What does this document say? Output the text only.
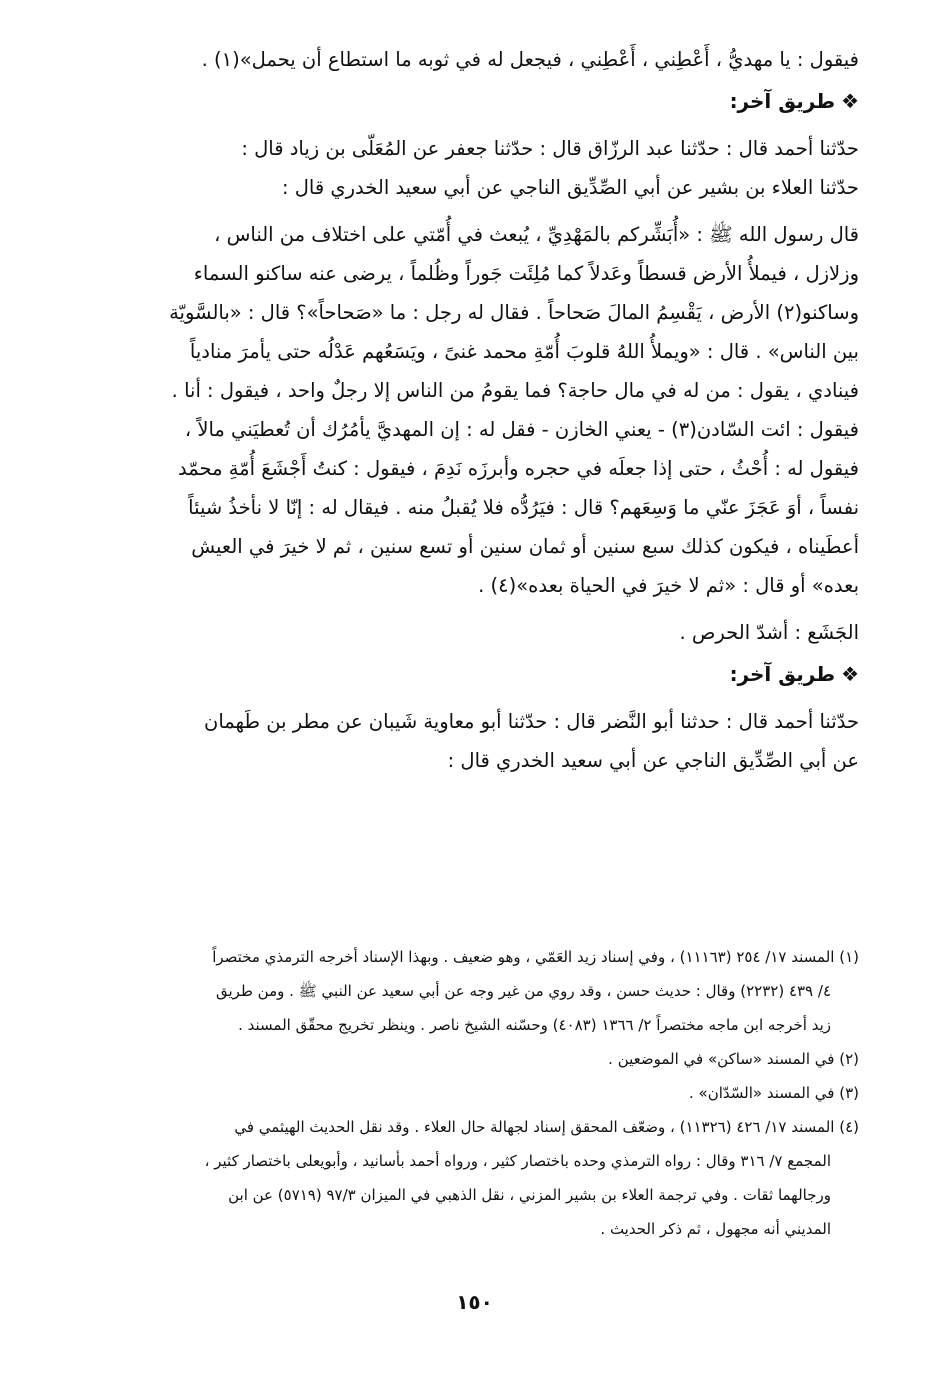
فيقول : يا مهديُّ ، أَعْطِني ، أَعْطِني ، فيجعل له في ثوبه ما استطاع أن يحمل»(١) .
❖طريق آخر:
حدّثنا أحمد قال : حدّثنا عبد الرزّاق قال : حدّثنا جعفر عن المُعَلّى بن زياد قال :
حدّثنا العلاء بن بشير عن أبي الصِّدِّيق الناجي عن أبي سعيد الخدري قال :
قال رسول الله ﷺ : «أُبَشِّركم بالمَهْدِيِّ ، يُبعث في أُمّتي على اختلاف من الناس ،
وزلازل ، فيملأُ الأرض قسطاً وعَدلاً كما مُلِئَت جَوراً وظُلماً ، يرضى عنه ساكنو السماء
وساكنو(٢) الأرض ، يَقْسِمُ المالَ صَحاحاً . فقال له رجل : ما «صَحاحاً»؟ قال : «بالسَّويّة
بين الناس» . قال : «ويملأُ اللهُ قلوبَ أُمّةِ محمد غنىً ، ويَسَعُهم عَدْلُه حتى يأمرَ منادياً
فينادي ، يقول : من له في مال حاجة؟ فما يقومُ من الناس إلا رجلٌ واحد ، فيقول : أنا .
فيقول : ائت السّادن(٣) - يعني الخازن - فقل له : إن المهديَّ يأمُرُك أن تُعطيَني مالاً ،
فيقول له : أُحْثُ ، حتى إذا جعلَه في حجره وأبرزَه نَدِمَ ، فيقول : كنتُ أَجْشَعَ أُمّةِ محمّد
نفساً ، أوَ عَجَزَ عنّي ما وَسِعَهم؟ قال : فيَرُدُّه فلا يُقبلُ منه . فيقال له : إنّا لا نأخذُ شيئاً
أعطَيناه ، فيكون كذلك سبع سنين أو ثمان سنين أو تسع سنين ، ثم لا خيرَ في العيش
بعده» أو قال : «ثم لا خيرَ في الحياة بعده»(٤) .
الجَشَع : أشدّ الحرص .
❖طريق آخر:
حدّثنا أحمد قال : حدثنا أبو النَّضر قال : حدّثنا أبو معاوية شَيبان عن مطر بن طَهمان
عن أبي الصِّدِّيق الناجي عن أبي سعيد الخدري قال :
(١) المسند ١٧/ ٢٥٤ (١١١٦٣) ، وفي إسناد زيد العَمّي ، وهو ضعيف . وبهذا الإسناد أخرجه الترمذي مختصراً
٤/ ٤٣٩ (٢٢٣٢) وقال : حديث حسن ، وقد روي من غير وجه عن أبي سعيد عن النبي ﷺ . ومن طريق
زيد أخرجه ابن ماجه مختصراً ٢/ ١٣٦٦ (٤٠٨٣) وحسّنه الشيخ ناصر . وينظر تخريج محقّق المسند .
(٢) في المسند «ساكن» في الموضعين .
(٣) في المسند «السّدّان» .
(٤) المسند ١٧/ ٤٢٦ (١١٣٢٦) ، وضعّف المحقق إسناد لجهالة حال العلاء . وقد نقل الحديث الهيثمي في
المجمع ٧/ ٣١٦ وقال : رواه الترمذي وحده باختصار كثير ، ورواه أحمد بأسانيد ، وأبويعلى باختصار كثير ،
ورجالهما ثقات . وفي ترجمة العلاء بن بشير المزني ، نقل الذهبي في الميزان ٩٧/٣ (٥٧١٩) عن ابن
المديني أنه مجهول ، ثم ذكر الحديث .
١٥٠
